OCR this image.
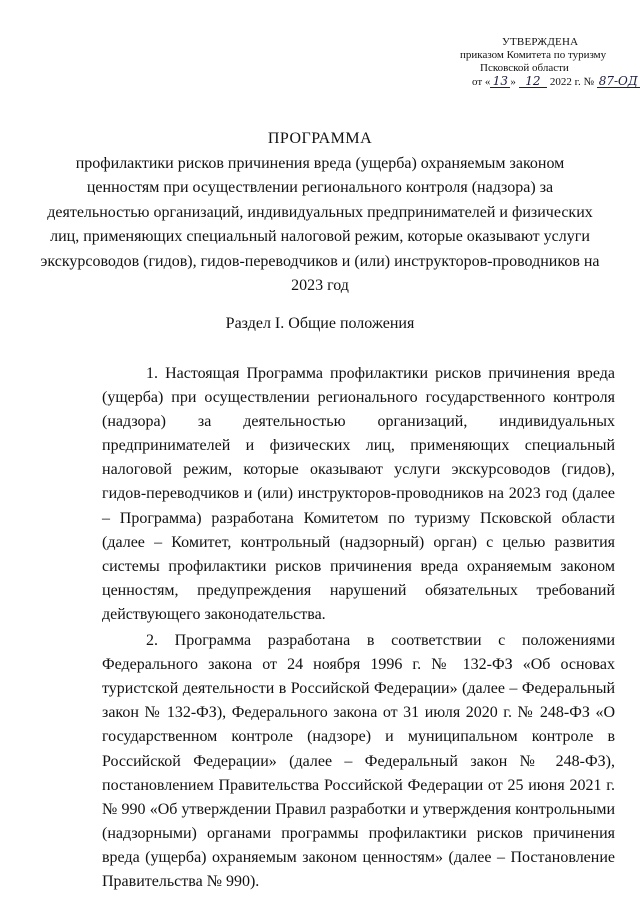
УТВЕРЖДЕНА
приказом Комитета по туризму
Псковской области
от « 13 » 12 2022 г. № 87-ОД
ПРОГРАММА
профилактики рисков причинения вреда (ущерба) охраняемым законом ценностям при осуществлении регионального контроля (надзора) за деятельностью организаций, индивидуальных предпринимателей и физических лиц, применяющих специальный налоговой режим, которые оказывают услуги экскурсоводов (гидов), гидов-переводчиков и (или) инструкторов-проводников на 2023 год
Раздел I. Общие положения

1. Настоящая Программа профилактики рисков причинения вреда (ущерба) при осуществлении регионального государственного контроля (надзора) за деятельностью организаций, индивидуальных предпринимателей и физических лиц, применяющих специальный налоговой режим, которые оказывают услуги экскурсоводов (гидов), гидов-переводчиков и (или) инструкторов-проводников на 2023 год (далее – Программа) разработана Комитетом по туризму Псковской области (далее – Комитет, контрольный (надзорный) орган) с целью развития системы профилактики рисков причинения вреда охраняемым законом ценностям, предупреждения нарушений обязательных требований действующего законодательства.

2. Программа разработана в соответствии с положениями Федерального закона от 24 ноября 1996 г. № 132-ФЗ «Об основах туристской деятельности в Российской Федерации» (далее – Федеральный закон № 132-ФЗ), Федерального закона от 31 июля 2020 г. № 248-ФЗ «О государственном контроле (надзоре) и муниципальном контроле в Российской Федерации» (далее – Федеральный закон № 248-ФЗ), постановлением Правительства Российской Федерации от 25 июня 2021 г. № 990 «Об утверждении Правил разработки и утверждения контрольными (надзорными) органами программы профилактики рисков причинения вреда (ущерба) охраняемым законом ценностям» (далее – Постановление Правительства № 990).
